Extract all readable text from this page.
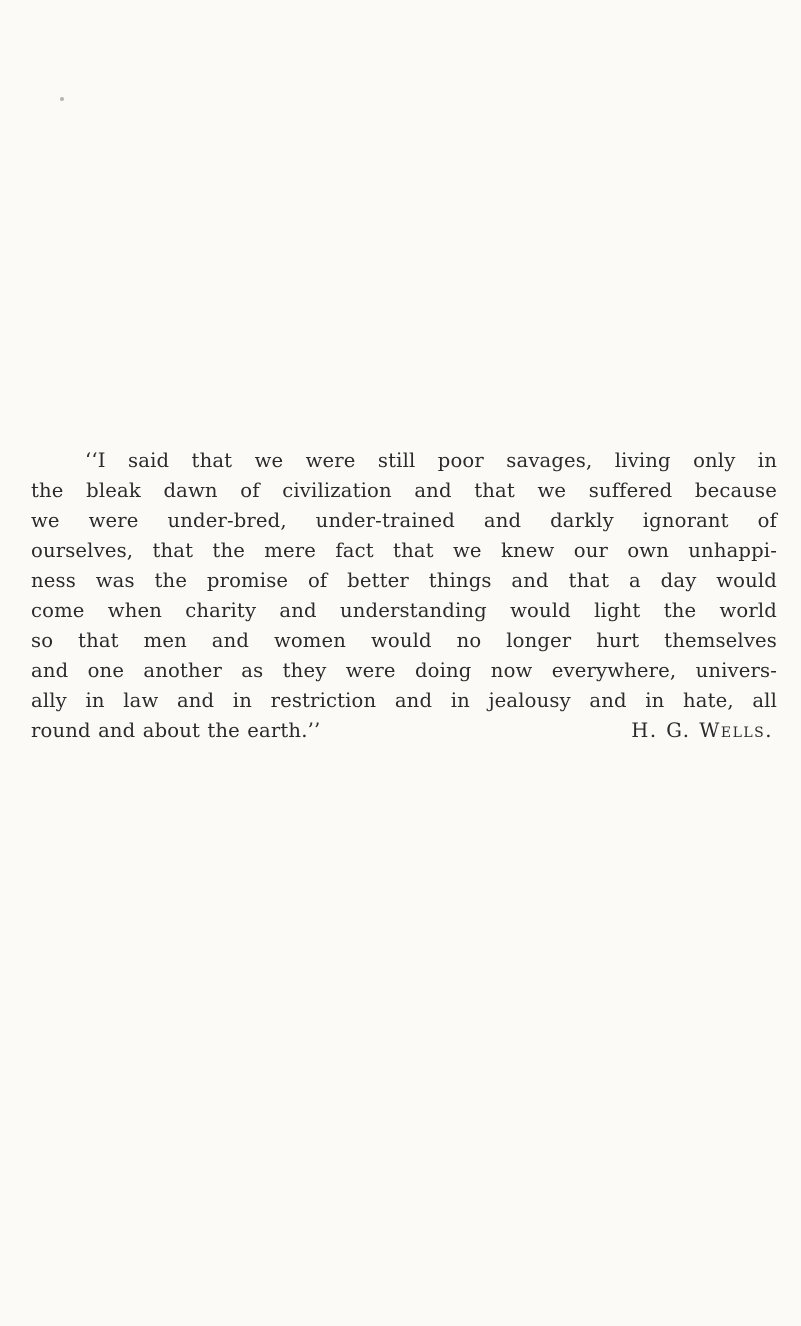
‘‘I said that we were still poor savages, living only in
the bleak dawn of civilization and that we suffered because
we were under-bred, under-trained and darkly ignorant of
ourselves, that the mere fact that we knew our own unhappi-
ness was the promise of better things and that a day would
come when charity and understanding would light the world
so that men and women would no longer hurt themselves
and one another as they were doing now everywhere, univers-
ally in law and in restriction and in jealousy and in hate, all
round and about the earth.’’	H. G. Wells.
